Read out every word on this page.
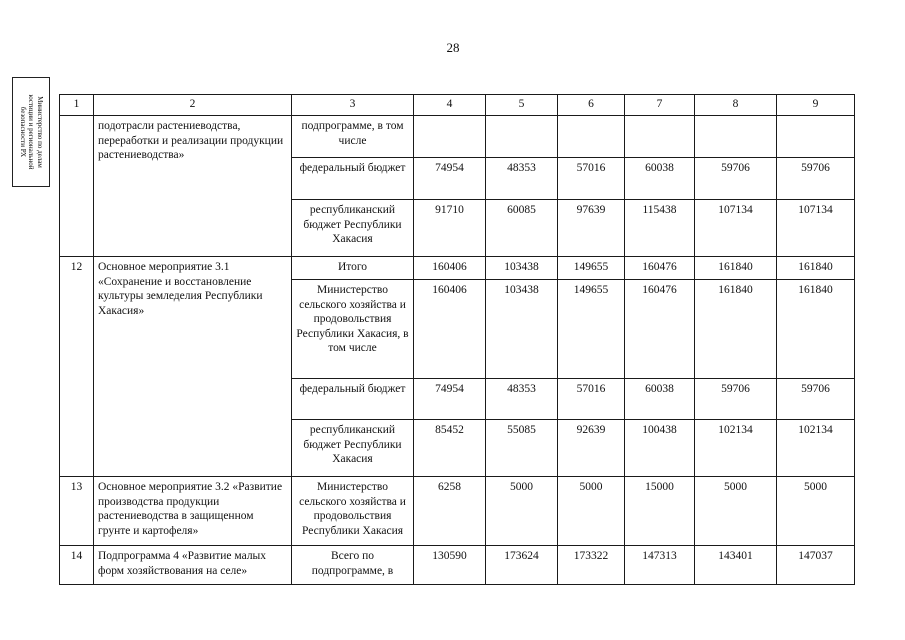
28
Министерство по делам
юстиции и региональной
безопасности РХ
1	2	3	4	5	6	7	8	9
	подотрасли растениеводства, переработки и реализации продукции растениеводства»	подпрограмме, в том числе						
		федеральный бюджет	74954	48353	57016	60038	59706	59706
		республиканский бюджет Республики Хакасия	91710	60085	97639	115438	107134	107134
12	Основное мероприятие 3.1 «Сохранение и восстановление культуры земледелия Республики Хакасия»	Итого	160406	103438	149655	160476	161840	161840
		Министерство сельского хозяйства и продовольствия Республики Хакасия, в том числе	160406	103438	149655	160476	161840	161840
		федеральный бюджет	74954	48353	57016	60038	59706	59706
		республиканский бюджет Республики Хакасия	85452	55085	92639	100438	102134	102134
13	Основное мероприятие 3.2 «Развитие производства продукции растениеводства в защищенном грунте и картофеля»	Министерство сельского хозяйства и продовольствия Республики Хакасия	6258	5000	5000	15000	5000	5000
14	Подпрограмма 4 «Развитие малых форм хозяйствования на селе»	Всего по подпрограмме, в	130590	173624	173322	147313	143401	147037
